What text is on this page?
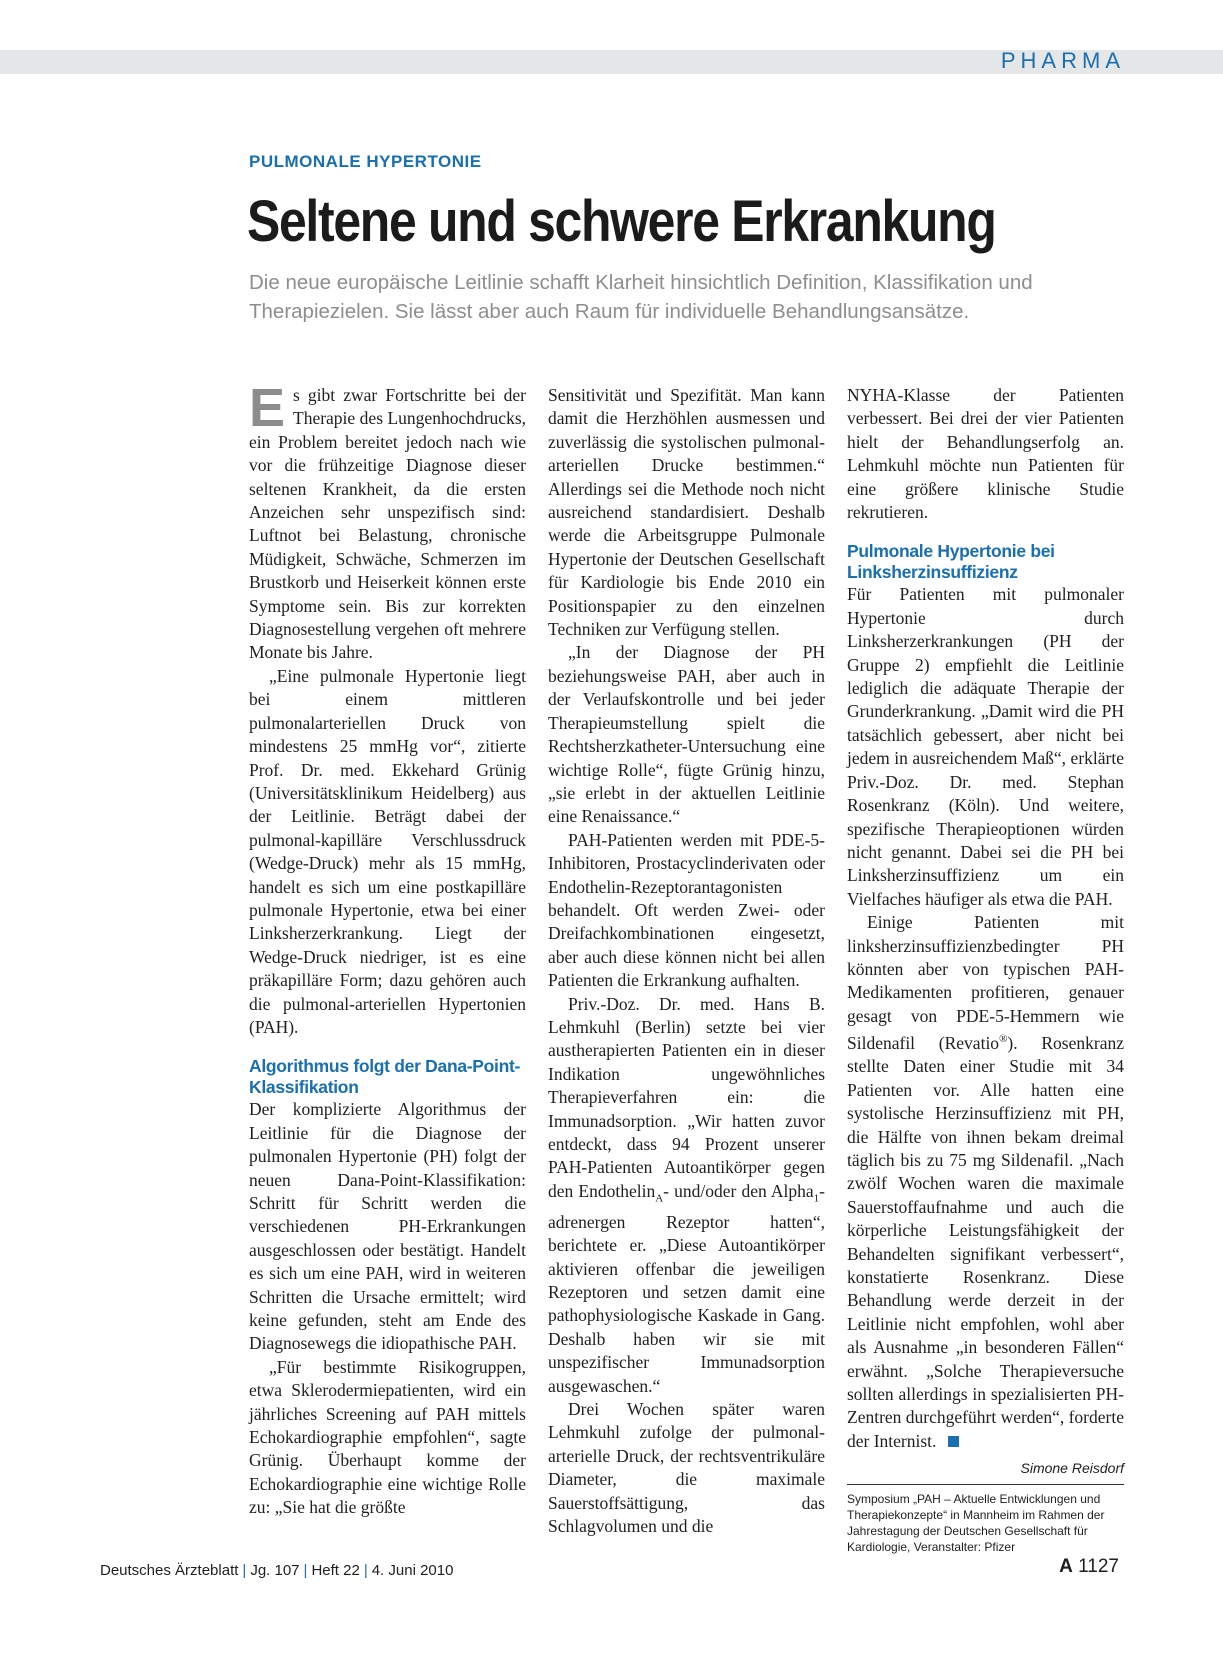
PHARMA
PULMONALE HYPERTONIE
Seltene und schwere Erkrankung
Die neue europäische Leitlinie schafft Klarheit hinsichtlich Definition, Klassifikation und Therapiezielen. Sie lässt aber auch Raum für individuelle Behandlungsansätze.

Es gibt zwar Fortschritte bei der Therapie des Lungenhochdrucks, ein Problem bereitet jedoch nach wie vor die frühzeitige Diagnose dieser seltenen Krankheit, da die ersten Anzeichen sehr unspezifisch sind: Luftnot bei Belastung, chronische Müdigkeit, Schwäche, Schmerzen im Brustkorb und Heiserkeit können erste Symptome sein. Bis zur korrekten Diagnosestellung vergehen oft mehrere Monate bis Jahre.

„Eine pulmonale Hypertonie liegt bei einem mittleren pulmonalarteriellen Druck von mindestens 25 mmHg vor“, zitierte Prof. Dr. med. Ekkehard Grünig (Universitätsklinikum Heidelberg) aus der Leitlinie. Beträgt dabei der pulmonal-kapilläre Verschlussdruck (Wedge-Druck) mehr als 15 mmHg, handelt es sich um eine postkapilläre pulmonale Hypertonie, etwa bei einer Linksherzerkrankung. Liegt der Wedge-Druck niedriger, ist es eine präkapilläre Form; dazu gehören auch die pulmonal-arteriellen Hypertonien (PAH).

Algorithmus folgt der Dana-Point-Klassifikation

Der komplizierte Algorithmus der Leitlinie für die Diagnose der pulmonalen Hypertonie (PH) folgt der neuen Dana-Point-Klassifikation: Schritt für Schritt werden die verschiedenen PH-Erkrankungen ausgeschlossen oder bestätigt. Handelt es sich um eine PAH, wird in weiteren Schritten die Ursache ermittelt; wird keine gefunden, steht am Ende des Diagnosewegs die idiopathische PAH.

„Für bestimmte Risikogruppen, etwa Sklerodermiepatienten, wird ein jährliches Screening auf PAH mittels Echokardiographie empfohlen“, sagte Grünig. Überhaupt komme der Echokardiographie eine wichtige Rolle zu: „Sie hat die größte

Sensitivität und Spezifität. Man kann damit die Herzhöhlen ausmessen und zuverlässig die systolischen pulmonal-arteriellen Drucke bestimmen.“ Allerdings sei die Methode noch nicht ausreichend standardisiert. Deshalb werde die Arbeitsgruppe Pulmonale Hypertonie der Deutschen Gesellschaft für Kardiologie bis Ende 2010 ein Positionspapier zu den einzelnen Techniken zur Verfügung stellen.

„In der Diagnose der PH beziehungsweise PAH, aber auch in der Verlaufskontrolle und bei jeder Therapieumstellung spielt die Rechtsherzkatheter-Untersuchung eine wichtige Rolle“, fügte Grünig hinzu, „sie erlebt in der aktuellen Leitlinie eine Renaissance.“

PAH-Patienten werden mit PDE-5-Inhibitoren, Prostacyclinderivaten oder Endothelin-Rezeptorantagonisten behandelt. Oft werden Zwei- oder Dreifachkombinationen eingesetzt, aber auch diese können nicht bei allen Patienten die Erkrankung aufhalten.

Priv.-Doz. Dr. med. Hans B. Lehmkuhl (Berlin) setzte bei vier austherapierten Patienten ein in dieser Indikation ungewöhnliches Therapieverfahren ein: die Immunadsorption. „Wir hatten zuvor entdeckt, dass 94 Prozent unserer PAH-Patienten Autoantikörper gegen den Endothelin$_A$- und/oder den Alpha$_1$-adrenergen Rezeptor hatten“, berichtete er. „Diese Autoantikörper aktivieren offenbar die jeweiligen Rezeptoren und setzen damit eine pathophysiologische Kaskade in Gang. Deshalb haben wir sie mit unspezifischer Immunadsorption ausgewaschen.“

Drei Wochen später waren Lehmkuhl zufolge der pulmonal-arterielle Druck, der rechtsventrikuläre Diameter, die maximale Sauerstoffsättigung, das Schlagvolumen und die

NYHA-Klasse der Patienten verbessert. Bei drei der vier Patienten hielt der Behandlungserfolg an. Lehmkuhl möchte nun Patienten für eine größere klinische Studie rekrutieren.

Pulmonale Hypertonie bei Linksherzinsuffizienz

Für Patienten mit pulmonaler Hypertonie durch Linksherzerkrankungen (PH der Gruppe 2) empfiehlt die Leitlinie lediglich die adäquate Therapie der Grunderkrankung. „Damit wird die PH tatsächlich gebessert, aber nicht bei jedem in ausreichendem Maß“, erklärte Priv.-Doz. Dr. med. Stephan Rosenkranz (Köln). Und weitere, spezifische Therapieoptionen würden nicht genannt. Dabei sei die PH bei Linksherzinsuffizienz um ein Vielfaches häufiger als etwa die PAH.

Einige Patienten mit linksherzinsuffizienzbedingter PH könnten aber von typischen PAH-Medikamenten profitieren, genauer gesagt von PDE-5-Hemmern wie Sildenafil (Revatio®). Rosenkranz stellte Daten einer Studie mit 34 Patienten vor. Alle hatten eine systolische Herzinsuffizienz mit PH, die Hälfte von ihnen bekam dreimal täglich bis zu 75 mg Sildenafil. „Nach zwölf Wochen waren die maximale Sauerstoffaufnahme und auch die körperliche Leistungsfähigkeit der Behandelten signifikant verbessert“, konstatierte Rosenkranz. Diese Behandlung werde derzeit in der Leitlinie nicht empfohlen, wohl aber als Ausnahme „in besonderen Fällen“ erwähnt. „Solche Therapieversuche sollten allerdings in spezialisierten PH-Zentren durchgeführt werden“, forderte der Internist.

Simone Reisdorf
Symposium „PAH – Aktuelle Entwicklungen und Therapiekonzepte“ in Mannheim im Rahmen der Jahrestagung der Deutschen Gesellschaft für Kardiologie, Veranstalter: Pfizer
Deutsches Ärzteblatt | Jg. 107 | Heft 22 | 4. Juni 2010	A 1127
